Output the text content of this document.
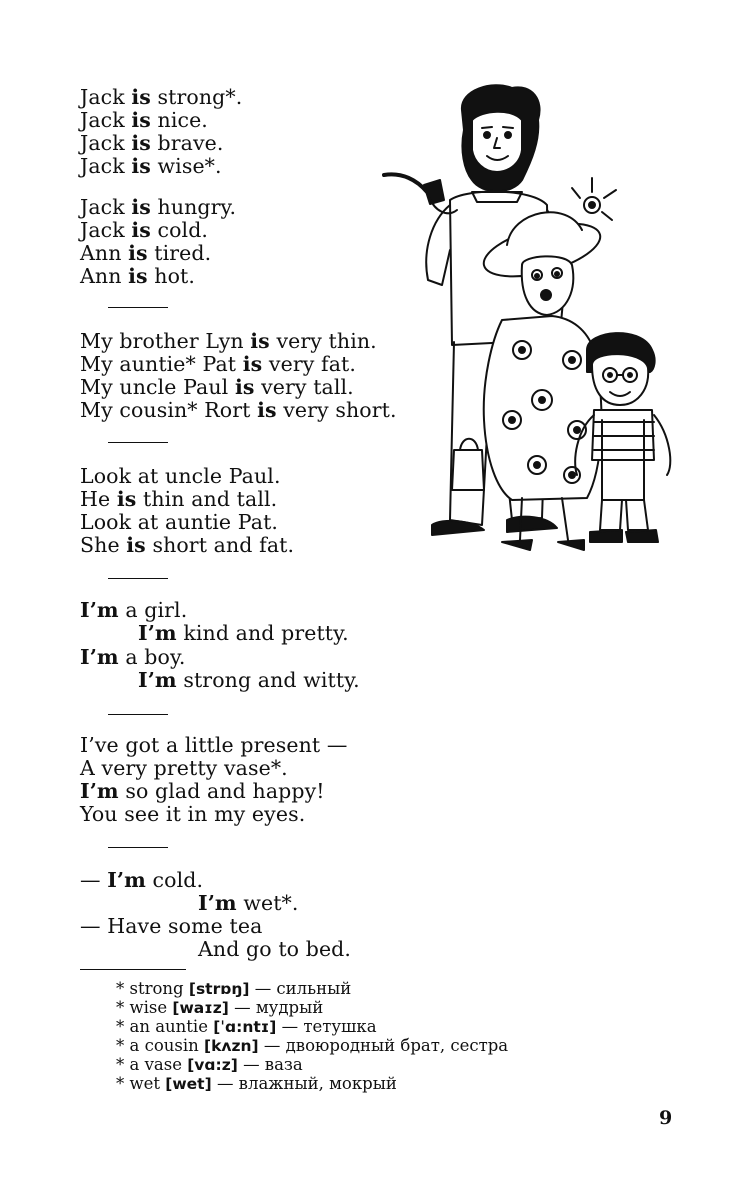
Jack is strong*.
Jack is nice.
Jack is brave.
Jack is wise*.
Jack is hungry.
Jack is cold.
Ann is tired.
Ann is hot.
My brother Lyn is very thin.
My auntie* Pat is very fat.
My uncle Paul is very tall.
My cousin* Rort is very short.
Look at uncle Paul.
He is thin and tall.
Look at auntie Pat.
She is short and fat.
I’m a girl.
I’m kind and pretty.
I’m a boy.
I’m strong and witty.
I’ve got a little present —
A very pretty vase*.
I’m so glad and happy!
You see it in my eyes.
— I’m cold.
I’m wet*.
— Have some tea
And go to bed.
* strong [strɒŋ] — сильный
* wise [waɪz] — мудрый
* an auntie [ˈɑ:ntɪ] — тетушка
* a cousin [kʌzn] — двоюродный брат, сестра
* a vase [vɑ:z] — ваза
* wet [wet] — влажный, мокрый
9
